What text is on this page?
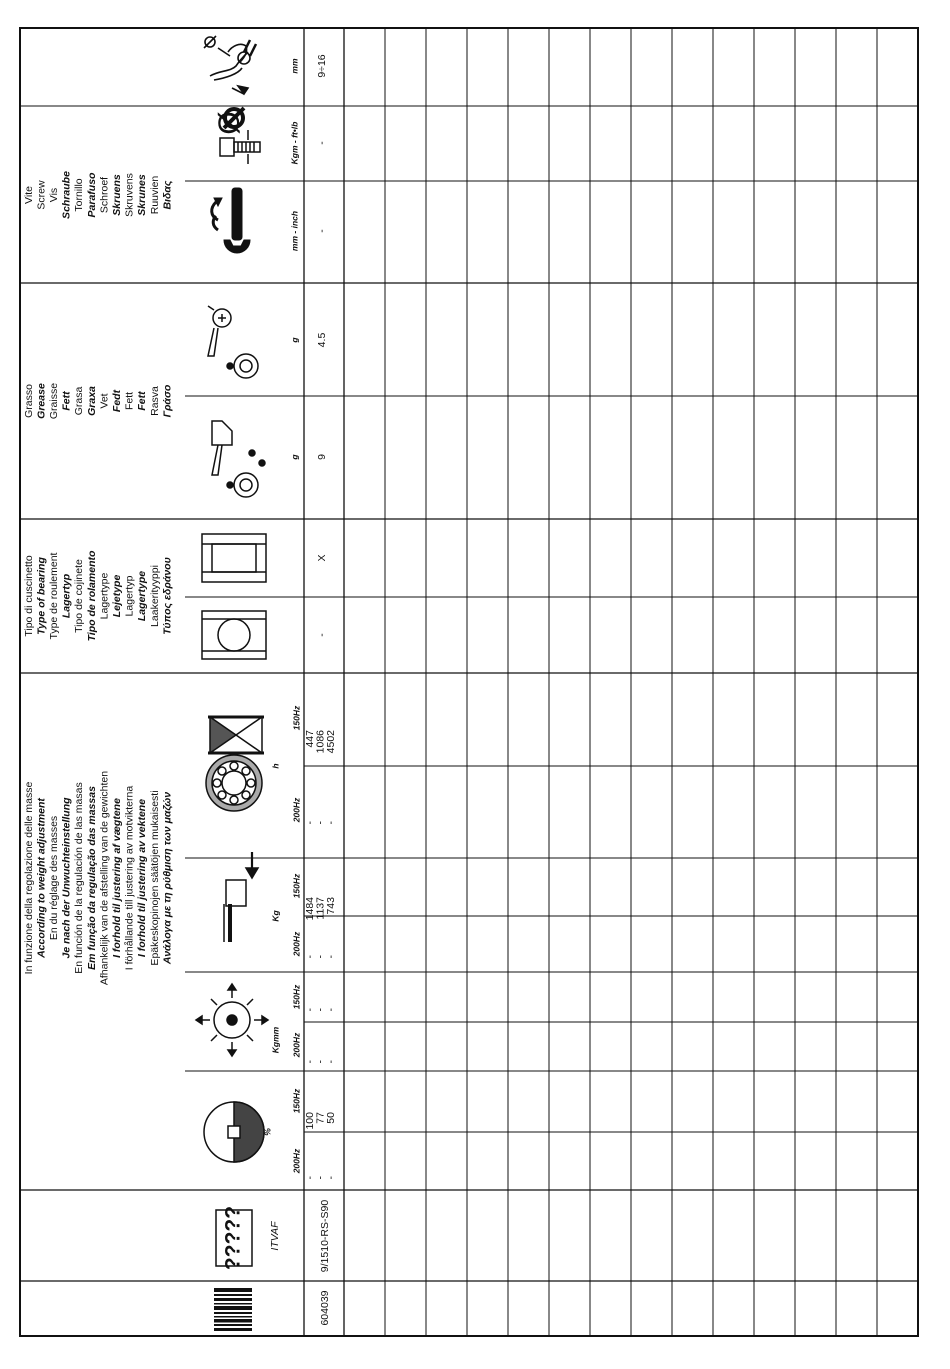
In funzione della regolazione delle masse According to weight adjustment En du réglage des masses Je nach der Unwuchteinstellung En función de la regulación de las masas Em função da regulação das massas Afhankelijk van de afstelling van de gewichten I forhold til justering af vægtene I förhållande till justering av motvikterna I forhold til justering av vektene Epäkeskopinojen säätöjen mukaisesti Ανάλογα με τη ρύθμιση των μαζών
Tipo di cuscinetto Type of bearing Type de roulement Lagertyp Tipo de cojinete Tipo de rolamento Lagertype Lejetype Lagertyp Lagertype Laakerityyppi Τύπος εδράνου
Grasso Grease Graisse Fett Grasa Graxa Vet Fedt Fett Fett Rasva Γράσο
Vite Screw Vis Schraube Tornillo Parafuso Schroef Skruens Skruvens Skrunes Ruuvien Βιδας
?????
%
200Hz
150Hz
Kgmm 200Hz
150Hz
Kg
200Hz
150Hz
h
200Hz
150Hz
g
g
mm - inch
Kgm - ft•lb
mm
Ø
604039
9/1510-RS-S90
ITVAF
-
-
-
100
77
50
-
-
-
-
-
-
-
-
-
1484
1137
743
-
-
-
447
1086
4502
-
X
9
4.5
-
-
9÷16
